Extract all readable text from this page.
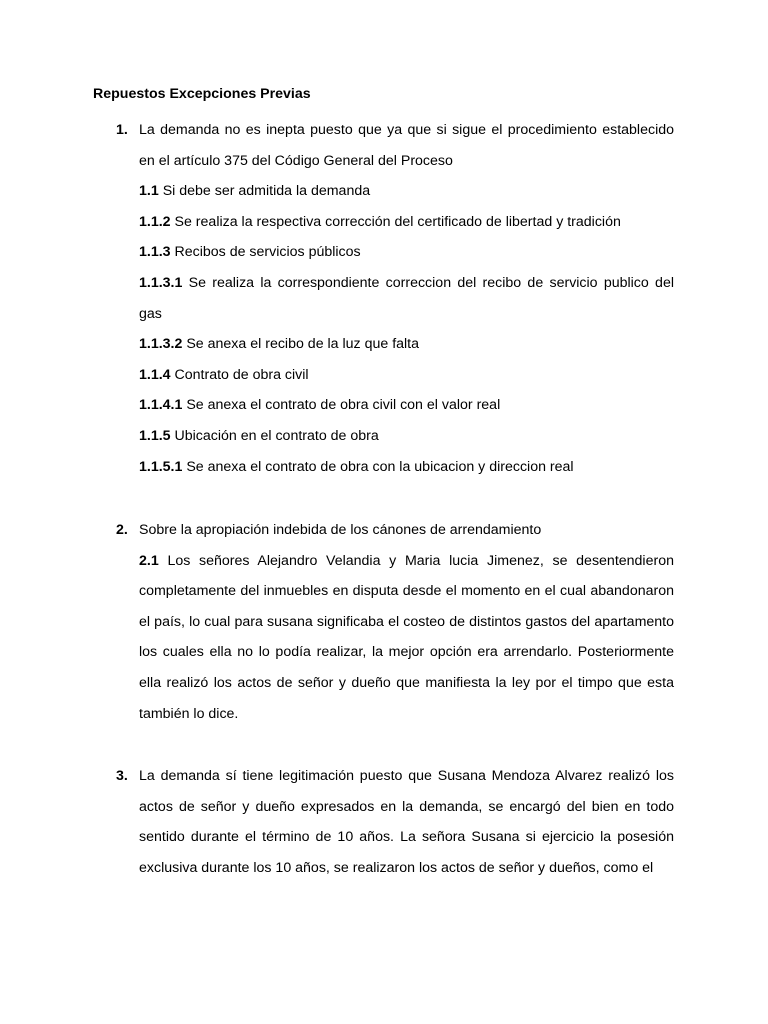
Repuestos Excepciones Previas
1. La demanda no es inepta puesto que ya que si sigue el procedimiento establecido en el artículo 375 del Código General del Proceso

1.1 Si debe ser admitida la demanda

1.1.2 Se realiza la respectiva corrección del certificado de libertad y tradición

1.1.3 Recibos de servicios públicos

1.1.3.1 Se realiza la correspondiente correccion del recibo de servicio publico del gas

1.1.3.2 Se anexa el recibo de la luz que falta

1.1.4 Contrato de obra civil

1.1.4.1 Se anexa el contrato de obra civil con el valor real

1.1.5 Ubicación en el contrato de obra

1.1.5.1 Se anexa el contrato de obra con la ubicacion y direccion real

2. Sobre la apropiación indebida de los cánones de arrendamiento

2.1 Los señores Alejandro Velandia y Maria lucia Jimenez, se desentendieron completamente del inmuebles en disputa desde el momento en el cual abandonaron el país, lo cual para susana significaba el costeo de distintos gastos del apartamento los cuales ella no lo podía realizar, la mejor opción era arrendarlo. Posteriormente ella realizó los actos de señor y dueño que manifiesta la ley por el timpo que esta también lo dice.

3. La demanda sí tiene legitimación puesto que Susana Mendoza Alvarez realizó los actos de señor y dueño expresados en la demanda, se encargó del bien en todo sentido durante el término de 10 años. La señora Susana si ejercicio la posesión exclusiva durante los 10 años, se realizaron los actos de señor y dueños, como el
